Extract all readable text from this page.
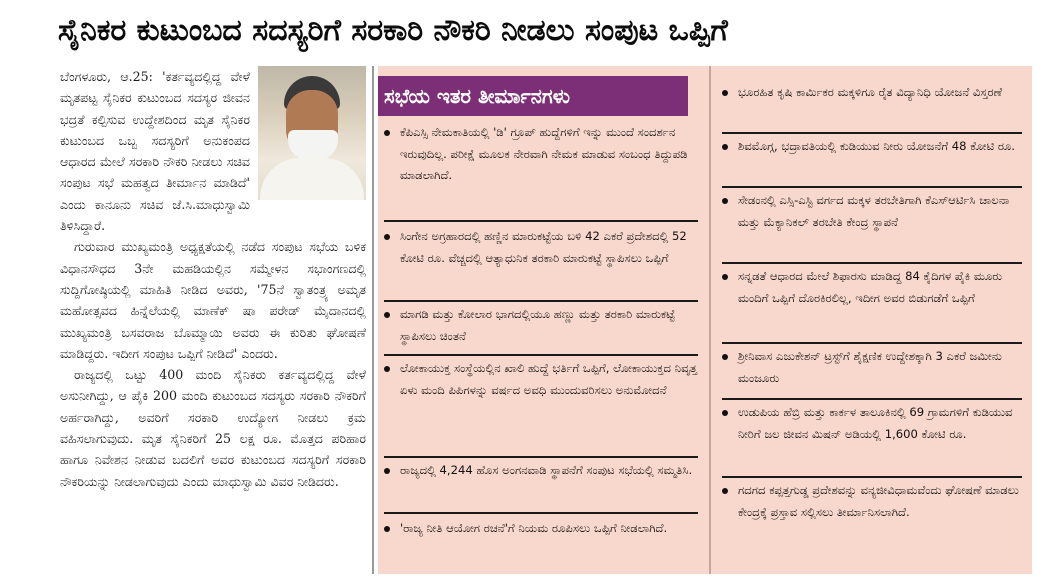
ಸೈನಿಕರ ಕುಟುಂಬದ ಸದಸ್ಯರಿಗೆ ಸರಕಾರಿ ನೌಕರಿ ನೀಡಲು ಸಂಪುಟ ಒಪ್ಪಿಗೆ

ಬೆಂಗಳೂರು, ಆ.25: 'ಕರ್ತವ್ಯದಲ್ಲಿದ್ದ ವೇಳೆ ಮೃತಪಟ್ಟ ಸೈನಿಕರ ಕುಟುಂಬದ ಸದಸ್ಯರ ಜೀವನ ಭದ್ರತೆ ಕಲ್ಪಿಸುವ ಉದ್ದೇಶದಿಂದ ಮೃತ ಸೈನಿಕರ ಕುಟುಂಬದ ಒಬ್ಬ ಸದಸ್ಯರಿಗೆ ಅನುಕಂಪದ ಆಧಾರದ ಮೇಲೆ ಸರಕಾರಿ ನೌಕರಿ ನೀಡಲು ಸಚಿವ ಸಂಪುಟ ಸಭೆ ಮಹತ್ವದ ತೀರ್ಮಾನ ಮಾಡಿದೆ' ಎಂದು ಕಾನೂನು ಸಚಿವ ಜೆ.ಸಿ.ಮಾಧುಸ್ವಾಮಿ ತಿಳಿಸಿದ್ದಾರೆ.

ಗುರುವಾರ ಮುಖ್ಯಮಂತ್ರಿ ಅಧ್ಯಕ್ಷತೆಯಲ್ಲಿ ನಡೆದ ಸಂಪುಟ ಸಭೆಯ ಬಳಿಕ ವಿಧಾನಸೌಧದ 3ನೇ ಮಹಡಿಯಲ್ಲಿನ ಸಮ್ಮೇಳನ ಸಭಾಂಗಣದಲ್ಲಿ ಸುದ್ದಿಗೋಷ್ಠಿಯಲ್ಲಿ ಮಾಹಿತಿ ನೀಡಿದ ಅವರು, '75ನೆ ಸ್ವಾತಂತ್ರ್ಯ ಅಮೃತ ಮಹೋತ್ಸವದ ಹಿನ್ನೆಲೆಯಲ್ಲಿ ಮಾಣೆಕ್ ಷಾ ಪರೇಡ್ ಮೈದಾನದಲ್ಲಿ ಮುಖ್ಯಮಂತ್ರಿ ಬಸವರಾಜ ಬೊಮ್ಮಾಯಿ ಅವರು ಈ ಕುರಿತು ಘೋಷಣೆ ಮಾಡಿದ್ದರು. ಇದೀಗ ಸಂಪುಟ ಒಪ್ಪಿಗೆ ನೀಡಿದೆ' ಎಂದರು.

ರಾಜ್ಯದಲ್ಲಿ ಒಟ್ಟು 400 ಮಂದಿ ಸೈನಿಕರು ಕರ್ತವ್ಯದಲ್ಲಿದ್ದ ವೇಳೆ ಅಸುನೀಗಿದ್ದು, ಆ ಪೈಕಿ 200 ಮಂದಿ ಕುಟುಂಬದ ಸದಸ್ಯರು ಸರಕಾರಿ ನೌಕರಿಗೆ ಅರ್ಹರಾಗಿದ್ದು, ಅವರಿಗೆ ಸರಕಾರಿ ಉದ್ಯೋಗ ನೀಡಲು ಕ್ರಮ ವಹಿಸಲಾಗುವುದು. ಮೃತ ಸೈನಿಕರಿಗೆ 25 ಲಕ್ಷ ರೂ. ಮೊತ್ತದ ಪರಿಹಾರ ಹಾಗೂ ನಿವೇಶನ ನೀಡುವ ಬದಲಿಗೆ ಅವರ ಕುಟುಂಬದ ಸದಸ್ಯರಿಗೆ ಸರಕಾರಿ ನೌಕರಿಯನ್ನು ನೀಡಲಾಗುವುದು ಎಂದು ಮಾಧುಸ್ವಾಮಿ ವಿವರ ನೀಡಿದರು.

ಸಭೆಯ ಇತರ ತೀರ್ಮಾನಗಳು
ಕೆಪಿಎಸ್ಸಿ ನೇಮಕಾತಿಯಲ್ಲಿ 'ಡಿ' ಗ್ರೂಪ್ ಹುದ್ದೆಗಳಿಗೆ ಇನ್ನು ಮುಂದೆ ಸಂದರ್ಶನ ಇರುವುದಿಲ್ಲ. ಪರೀಕ್ಷೆ ಮೂಲಕ ನೇರವಾಗಿ ನೇಮಕ ಮಾಡುವ ಸಂಬಂಧ ತಿದ್ದುಪಡಿ ಮಾಡಲಾಗಿದೆ.
ಸಿಂಗೇನ ಅಗ್ರಹಾರದಲ್ಲಿ ಹಣ್ಣಿನ ಮಾರುಕಟ್ಟೆಯ ಬಳಿ 42 ಎಕರೆ ಪ್ರದೇಶದಲ್ಲಿ 52 ಕೋಟಿ ರೂ. ವೆಚ್ಚದಲ್ಲಿ ಆತ್ಯಾಧುನಿಕ ತರಕಾರಿ ಮಾರುಕಟ್ಟೆ ಸ್ಥಾಪಿಸಲು ಒಪ್ಪಿಗೆ
ಮಾಗಡಿ ಮತ್ತು ಕೋಲಾರ ಭಾಗದಲ್ಲಿಯೂ ಹಣ್ಣು ಮತ್ತು ತರಕಾರಿ ಮಾರುಕಟ್ಟೆ ಸ್ಥಾಪಿಸಲು ಚಿಂತನೆ
ಲೋಕಾಯುಕ್ತ ಸಂಸ್ಥೆಯಲ್ಲಿನ ಖಾಲಿ ಹುದ್ದೆ ಭರ್ತಿಗೆ ಒಪ್ಪಿಗೆ, ಲೋಕಾಯುಕ್ತದ ನಿವೃತ್ತ ಏಳು ಮಂದಿ ಪಿಪಿಗಳನ್ನು ವರ್ಷದ ಅವಧಿ ಮುಂದುವರಿಸಲು ಅನುಮೋದನೆ
ರಾಜ್ಯದಲ್ಲಿ 4,244 ಹೊಸ ಅಂಗನವಾಡಿ ಸ್ಥಾಪನೆಗೆ ಸಂಪುಟ ಸಭೆಯಲ್ಲಿ ಸಮ್ಮತಿಸಿ.
'ರಾಜ್ಯ ನೀತಿ ಆಯೋಗ ರಚನೆ'ಗೆ ನಿಯಮ ರೂಪಿಸಲು ಒಪ್ಪಿಗೆ ನೀಡಲಾಗಿದೆ.
ಭೂರಹಿತ ಕೃಷಿ ಕಾರ್ಮಿಕರ ಮಕ್ಕಳಿಗೂ ರೈತ ವಿದ್ಯಾನಿಧಿ ಯೋಜನೆ ವಿಸ್ತರಣೆ
ಶಿವಮೊಗ್ಗ, ಭದ್ರಾವತಿಯಲ್ಲಿ ಕುಡಿಯುವ ನೀರು ಯೋಜನೆಗೆ 48 ಕೋಟಿ ರೂ.
ಸೇಡಂನಲ್ಲಿ ಎಸ್ಸಿ-ಎಸ್ಟಿ ವರ್ಗದ ಮಕ್ಕಳ ತರಬೇತಿಗಾಗಿ ಕೆಎಸ್ಆರ್ಟಿಸಿ ಚಾಲನಾ ಮತ್ತು ಮೆಕ್ಯಾನಿಕಲ್ ತರಬೇತಿ ಕೇಂದ್ರ ಸ್ಥಾಪನೆ
ಸನ್ನಡತೆ ಆಧಾರದ ಮೇಲೆ ಶಿಫಾರಸು ಮಾಡಿದ್ದ 84 ಕೈದಿಗಳ ಪೈಕಿ ಮೂರು ಮಂದಿಗೆ ಒಪ್ಪಿಗೆ ದೊರಕಿರಲಿಲ್ಲ, ಇದೀಗ ಅವರ ಬಿಡುಗಡೆಗೆ ಒಪ್ಪಿಗೆ
ಶ್ರೀನಿವಾಸ ಎಜುಕೇಶನ್ ಟ್ರಸ್ಟ್‌ಗೆ ಶೈಕ್ಷಣಿಕ ಉದ್ದೇಶಕ್ಕಾಗಿ 3 ಎಕರೆ ಜಮೀನು ಮಂಜೂರು
ಉಡುಪಿಯ ಹೆಬ್ರಿ ಮತ್ತು ಕಾರ್ಕಳ ತಾಲೂಕಿನಲ್ಲಿ 69 ಗ್ರಾಮಗಳಿಗೆ ಕುಡಿಯುವ ನೀರಿಗೆ ಜಲ ಜೀವನ ಮಿಷನ್ ಅಡಿಯಲ್ಲಿ 1,600 ಕೋಟಿ ರೂ.
ಗದಗದ ಕಪ್ಪತ್ತಗುಡ್ಡ ಪ್ರದೇಶವನ್ನು ವನ್ಯಜೀವಿಧಾಮವೆಂದು ಘೋಷಣೆ ಮಾಡಲು ಕೇಂದ್ರಕ್ಕೆ ಪ್ರಸ್ತಾವ ಸಲ್ಲಿಸಲು ತೀರ್ಮಾನಿಸಲಾಗಿದೆ.
